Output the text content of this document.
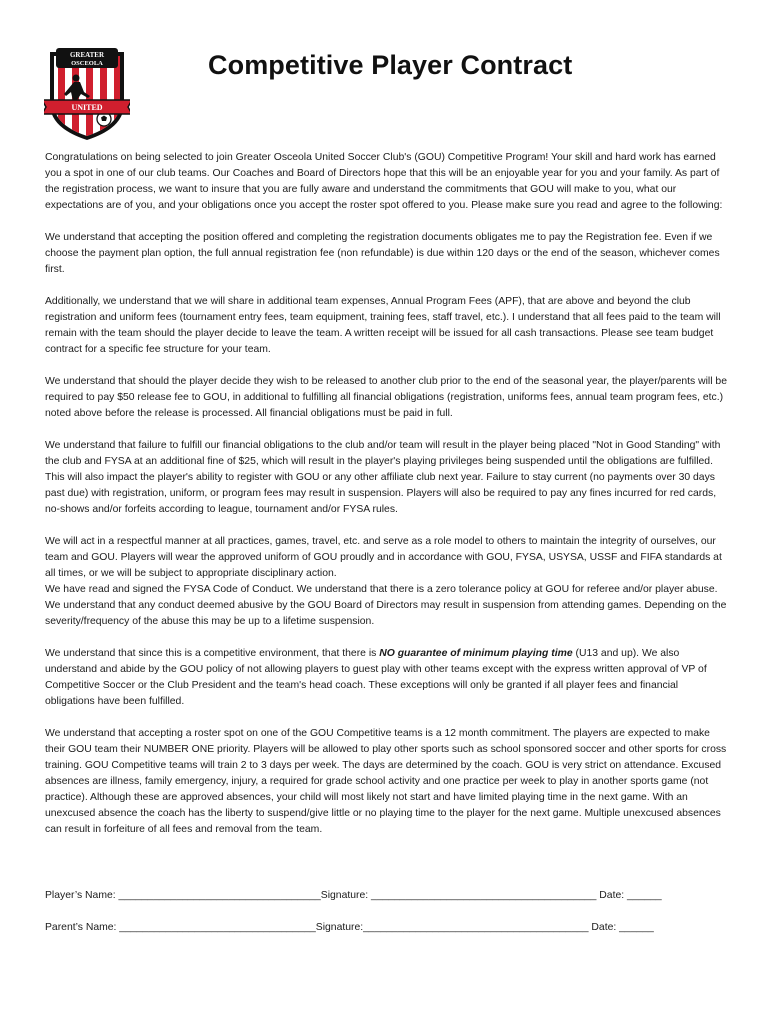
GREATER
OSCEOLA
UNITED
Competitive Player Contract

Congratulations on being selected to join Greater Osceola United Soccer Club's (GOU) Competitive Program! Your skill and hard work has earned you a spot in one of our club teams. Our Coaches and Board of Directors hope that this will be an enjoyable year for you and your family. As part of the registration process, we want to insure that you are fully aware and understand the commitments that GOU will make to you, what our expectations are of you, and your obligations once you accept the roster spot offered to you. Please make sure you read and agree to the following:

We understand that accepting the position offered and completing the registration documents obligates me to pay the Registration fee. Even if we choose the payment plan option, the full annual registration fee (non refundable) is due within 120 days or the end of the season, whichever comes first.

Additionally, we understand that we will share in additional team expenses, Annual Program Fees (APF), that are above and beyond the club registration and uniform fees (tournament entry fees, team equipment, training fees, staff travel, etc.). I understand that all fees paid to the team will remain with the team should the player decide to leave the team. A written receipt will be issued for all cash transactions. Please see team budget contract for a specific fee structure for your team.

We understand that should the player decide they wish to be released to another club prior to the end of the seasonal year, the player/parents will be required to pay $50 release fee to GOU, in additional to fulfilling all financial obligations (registration, uniforms fees, annual team program fees, etc.) noted above before the release is processed. All financial obligations must be paid in full.

We understand that failure to fulfill our financial obligations to the club and/or team will result in the player being placed "Not in Good Standing" with the club and FYSA at an additional fine of $25, which will result in the player's playing privileges being suspended until the obligations are fulfilled. This will also impact the player's ability to register with GOU or any other affiliate club next year. Failure to stay current (no payments over 30 days past due) with registration, uniform, or program fees may result in suspension. Players will also be required to pay any fines incurred for red cards, no-shows and/or forfeits according to league, tournament and/or FYSA rules.

We will act in a respectful manner at all practices, games, travel, etc. and serve as a role model to others to maintain the integrity of ourselves, our team and GOU. Players will wear the approved uniform of GOU proudly and in accordance with GOU, FYSA, USYSA, USSF and FIFA standards at all times, or we will be subject to appropriate disciplinary action.

We have read and signed the FYSA Code of Conduct. We understand that there is a zero tolerance policy at GOU for referee and/or player abuse. We understand that any conduct deemed abusive by the GOU Board of Directors may result in suspension from attending games. Depending on the severity/frequency of the abuse this may be up to a lifetime suspension.

We understand that since this is a competitive environment, that there is NO guarantee of minimum playing time (U13 and up). We also understand and abide by the GOU policy of not allowing players to guest play with other teams except with the express written approval of VP of Competitive Soccer or the Club President and the team's head coach. These exceptions will only be granted if all player fees and financial obligations have been fulfilled.

We understand that accepting a roster spot on one of the GOU Competitive teams is a 12 month commitment. The players are expected to make their GOU team their NUMBER ONE priority. Players will be allowed to play other sports such as school sponsored soccer and other sports for cross training. GOU Competitive teams will train 2 to 3 days per week. The days are determined by the coach. GOU is very strict on attendance. Excused absences are illness, family emergency, injury, a required for grade school activity and one practice per week to play in another sports game (not practice). Although these are approved absences, your child will most likely not start and have limited playing time in the next game. With an unexcused absence the coach has the liberty to suspend/give little or no playing time to the player for the next game. Multiple unexcused absences can result in forfeiture of all fees and removal from the team.

Player’s Name: ___________________________________Signature: _______________________________________ Date: ______
Parent’s Name: __________________________________Signature:_______________________________________ Date: ______
